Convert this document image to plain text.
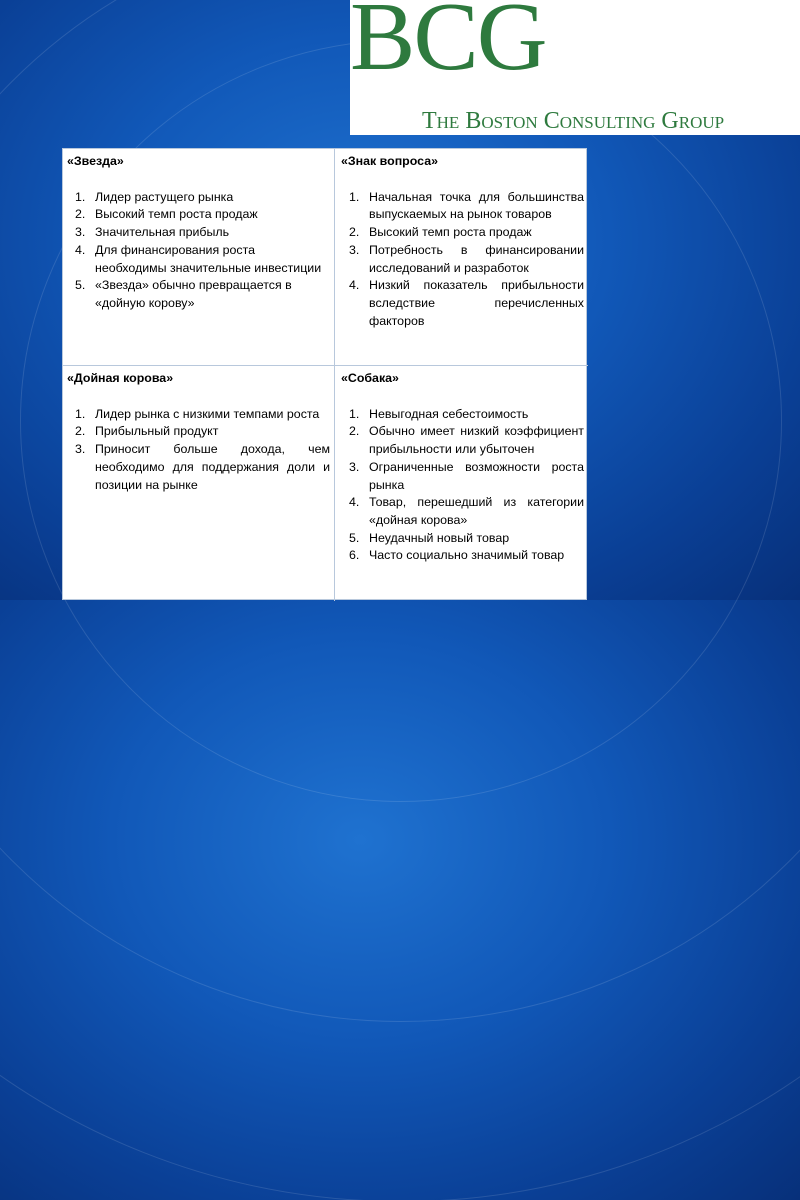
BCG
The Boston Consulting Group
«Звезда»
1. Лидер растущего рынка
2. Высокий темп роста продаж
3. Значительная прибыль
4. Для финансирования роста необходимы значительные инвестиции
5. «Звезда» обычно превращается в «дойную корову»
«Знак вопроса»
1. Начальная точка для большинства выпускаемых на рынок товаров
2. Высокий темп роста продаж
3. Потребность в финансировании исследований и разработок
4. Низкий показатель прибыльности вследствие перечисленных факторов
«Дойная корова»
1. Лидер рынка с низкими темпами роста
2. Прибыльный продукт
3. Приносит больше дохода, чем необходимо для поддержания доли и позиции на рынке
«Собака»
1. Невыгодная себестоимость
2. Обычно имеет низкий коэффициент прибыльности или убыточен
3. Ограниченные возможности роста рынка
4. Товар, перешедший из категории «дойная корова»
5. Неудачный новый товар
6. Часто социально значимый товар
